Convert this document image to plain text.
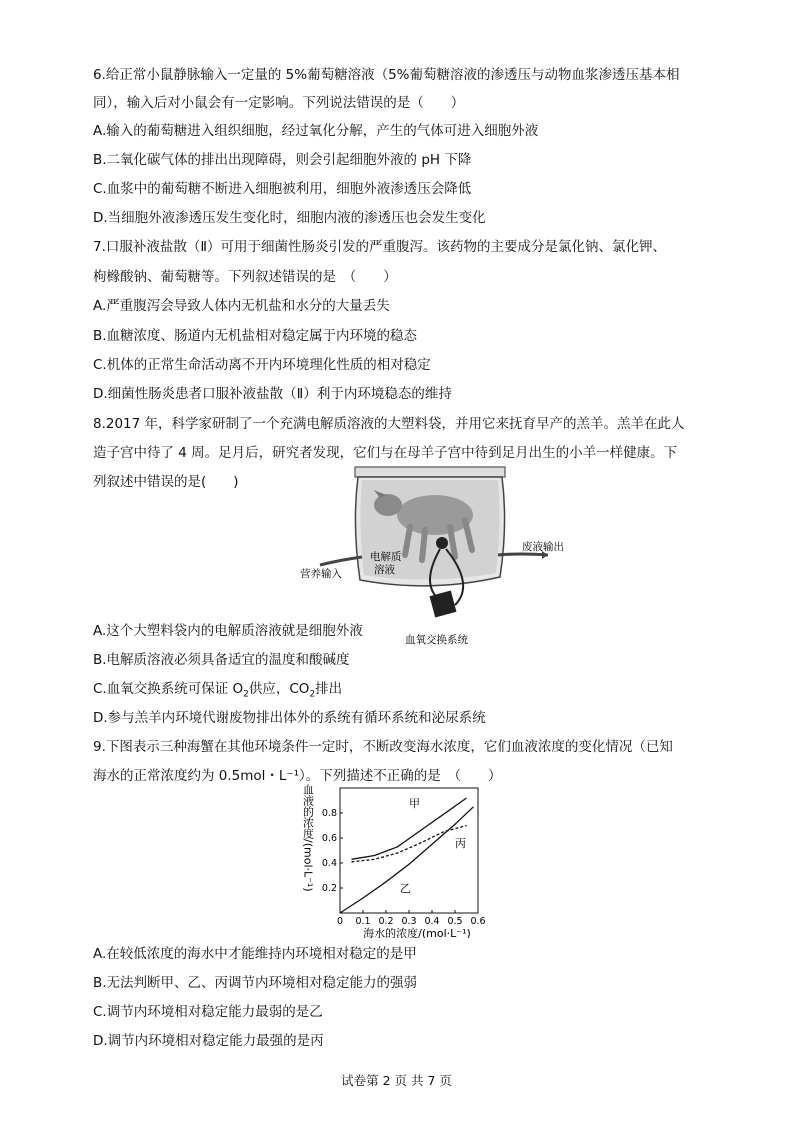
6.给正常小鼠静脉输入一定量的 5%葡萄糖溶液（5%葡萄糖溶液的渗透压与动物血浆渗透压基本相
同），输入后对小鼠会有一定影响。下列说法错误的是（　　）
A.输入的葡萄糖进入组织细胞，经过氧化分解，产生的气体可进入细胞外液
B.二氧化碳气体的排出出现障碍，则会引起细胞外液的 pH 下降
C.血浆中的葡萄糖不断进入细胞被利用，细胞外液渗透压会降低
D.当细胞外液渗透压发生变化时，细胞内液的渗透压也会发生变化
7.口服补液盐散（Ⅱ）可用于细菌性肠炎引发的严重腹泻。该药物的主要成分是氯化钠、氯化钾、
枸橼酸钠、葡萄糖等。下列叙述错误的是　（　　）
A.严重腹泻会导致人体内无机盐和水分的大量丢失
B.血糖浓度、肠道内无机盐相对稳定属于内环境的稳态
C.机体的正常生命活动离不开内环境理化性质的相对稳定
D.细菌性肠炎患者口服补液盐散（Ⅱ）利于内环境稳态的维持
8.2017 年，科学家研制了一个充满电解质溶液的大塑料袋，并用它来抚育早产的羔羊。羔羊在此人
造子宫中待了 4 周。足月后，研究者发现，它们与在母羊子宫中待到足月出生的小羊一样健康。下
列叙述中错误的是(　　)
营养输入
电解质
溶液
废液输出
血氧交换系统
A.这个大塑料袋内的电解质溶液就是细胞外液
B.电解质溶液必须具备适宜的温度和酸碱度
C.血氧交换系统可保证 $O_2$供应，$CO_2$排出
D.参与羔羊内环境代谢废物排出体外的系统有循环系统和泌尿系统
9.下图表示三种海蟹在其他环境条件一定时，不断改变海水浓度，它们血液浓度的变化情况（已知
海水的正常浓度约为 0.5mol・L⁻¹）。下列描述不正确的是　（　　）
0 0.1 0.2 0.3 0.4 0.5 0.6
0.2
0.4
0.6
0.8
海水的浓度/(mol·L⁻¹)
血液的浓度/(mol·L⁻¹)	甲
乙
丙
A.在较低浓度的海水中才能维持内环境相对稳定的是甲
B.无法判断甲、乙、丙调节内环境相对稳定能力的强弱
C.调节内环境相对稳定能力最弱的是乙
D.调节内环境相对稳定能力最强的是丙
试卷第 2 页 共 7 页
